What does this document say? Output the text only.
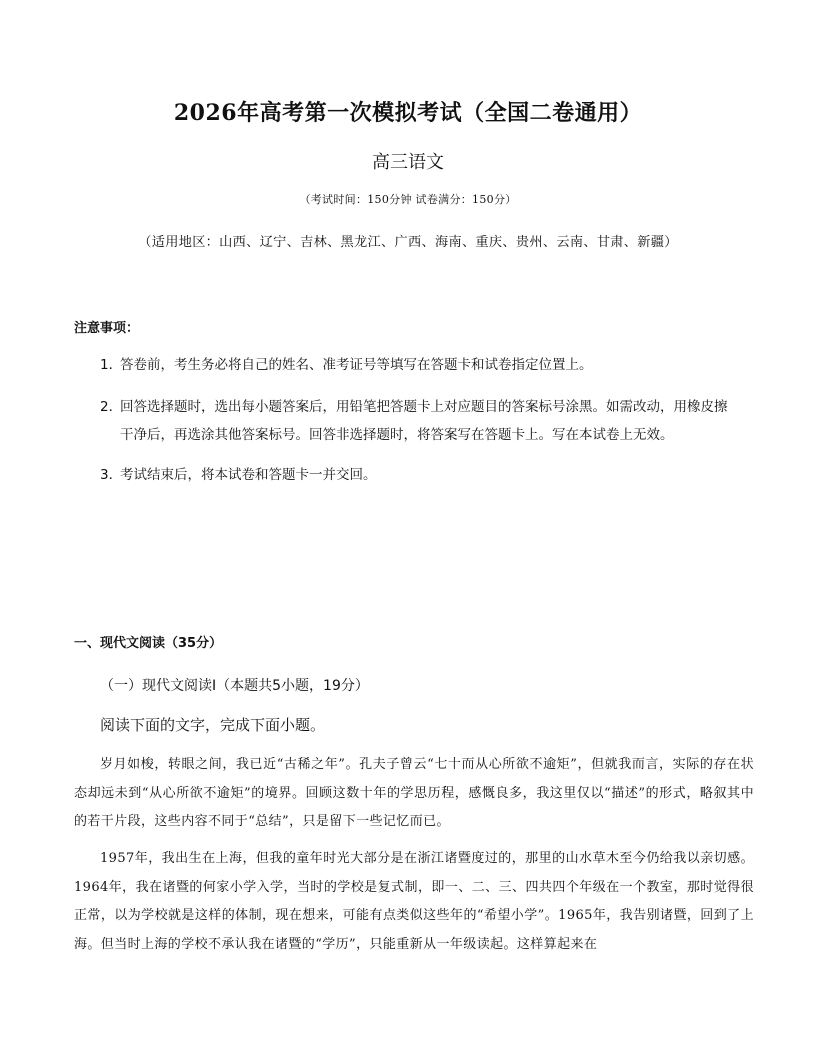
2026年高考第一次模拟考试（全国二卷通用）
高三语文
（考试时间：150分钟 试卷满分：150分）
（适用地区：山西、辽宁、吉林、黑龙江、广西、海南、重庆、贵州、云南、甘肃、新疆）
注意事项：
1．
答卷前，考生务必将自己的姓名、准考证号等填写在答题卡和试卷指定位置上。
2．
回答选择题时，选出每小题答案后，用铅笔把答题卡上对应题目的答案标号涂黑。如需改动，用橡皮擦干净后，再选涂其他答案标号。回答非选择题时，将答案写在答题卡上。写在本试卷上无效。
3．
考试结束后，将本试卷和答题卡一并交回。
一、现代文阅读（35分）
（一）现代文阅读Ⅰ（本题共5小题，19分）
阅读下面的文字，完成下面小题。
岁月如梭，转眼之间，我已近“古稀之年”。孔夫子曾云“七十而从心所欲不逾矩”，但就我而言，实际的存在状态却远未到“从心所欲不逾矩”的境界。回顾这数十年的学思历程，感慨良多，我这里仅以“描述”的形式，略叙其中的若干片段，这些内容不同于“总结”，只是留下一些记忆而已。
1957年，我出生在上海，但我的童年时光大部分是在浙江诸暨度过的，那里的山水草木至今仍给我以亲切感。1964年，我在诸暨的何家小学入学，当时的学校是复式制，即一、二、三、四共四个年级在一个教室，那时觉得很正常，以为学校就是这样的体制，现在想来，可能有点类似这些年的“希望小学”。1965年，我告别诸暨，回到了上海。但当时上海的学校不承认我在诸暨的“学历”，只能重新从一年级读起。这样算起来在
